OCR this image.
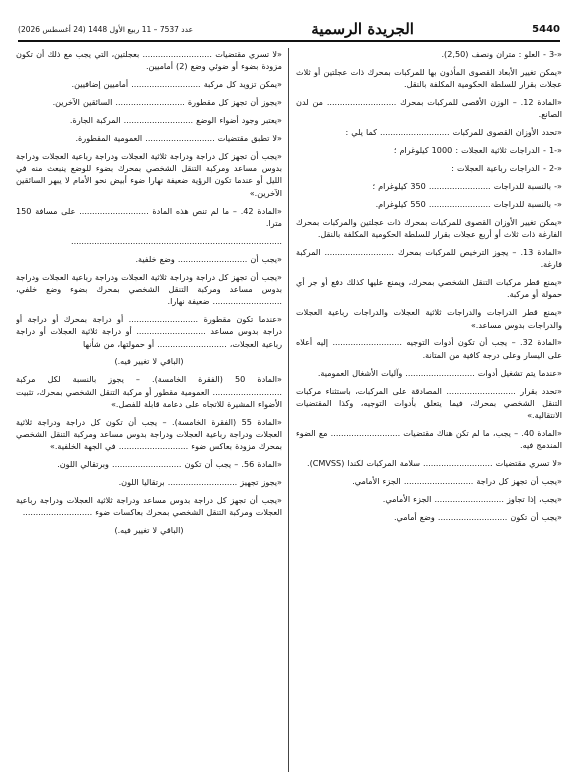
5440
الجريدة الرسمية
عدد 7537 – 11 ربيع الأول 1448 (24 أغسطس 2026)

«-3 - العلو : متران ونصف (2,50).

«يمكن تغيير الأبعاد القصوى المأذون بها للمركبات بمحرك ذات عجلتين أو ثلاث عجلات بقرار للسلطة الحكومية المكلفة بالنقل.

«المادة 12. – الوزن الأقصى للمركبات بمحرك ........................... من لدن الصانع.

«تحدد الأوزان القصوى للمركبات ........................... كما يلي :

«-1 - الدراجات ثلاثية العجلات : 1000 كيلوغرام ؛

«-2 - الدراجات رباعية العجلات :

«- بالنسبة للدراجات ........................ 350 كيلوغرام ؛

«- بالنسبة للدراجات ........................ 550 كيلوغرام.

«يمكن تغيير الأوزان القصوى للمركبات بمحرك ذات عجلتين والمركبات بمحرك الفارغة ذات ثلاث أو أربع عجلات بقرار للسلطة الحكومية المكلفة بالنقل.

«المادة 13. – يجوز الترخيص للمركبات بمحرك ........................... المركبة فارغة.

«يمنع قطر مركبات التنقل الشخصي بمحرك، ويمنع عليها كذلك دفع أو جر أي حمولة أو مركبة.

«يمنع قطر الدراجات والدراجات ثلاثية العجلات والدراجات رباعية العجلات والدراجات بدوس مساعد.»

«المادة 32. – يجب أن تكون أدوات التوجيه ........................... إليه أعلاه على اليسار وعلى درجة كافية من المتانة.

«عندما يتم تشغيل أدوات ........................... وآليات الأشغال العمومية.

«تحدد بقرار ........................... المصادقة على المركبات، باستثناء مركبات التنقل الشخصي بمحرك، فيما يتعلق بأدوات التوجيه، وكذا المقتضيات الانتقالية.»

«المادة 40. – يجب، ما لم تكن هناك مقتضيات ........................... مع الضوء المندمج فيه.

«لا تسري مقتضيات ........................... سلامة المركبات لكندا (CMVSS).

«يجب أن تجهز كل دراجة ........................... الجزء الأمامي.

«يجب، إذا تجاوز ........................... الجزء الأمامي.

«يجب أن تكون ........................... وضع أمامي.

«لا تسري مقتضيات ........................... بعجلتين، التي يجب مع ذلك أن تكون مزودة بضوء أو ضوئي وضع (2) أماميين.

«يمكن تزويد كل مركبة ........................... أماميين إضافيين.

«يجوز أن تجهز كل مقطورة ........................... السائقين الآخرين.

«يعتبر وجود أضواء الوضع ........................... المركبة الجارة.

«لا تطبق مقتضيات ........................... العمومية المقطورة.

«يجب أن تجهز كل دراجة ودراجة ثلاثية العجلات ودراجة رباعية العجلات ودراجة بدوس مساعد ومركبة التنقل الشخصي بمحرك بضوء للوضع ينبعث منه في الليل أو عندما تكون الرؤية ضعيفة نهارا ضوء أبيض نحو الأمام لا يبهر السائقين الآخرين.»

«المادة 42. – ما لم تنص هذه المادة ........................... على مسافة 150 مترا.

..................................................................................

«يجب أن ........................... وضع خلفية.

«يجب أن تجهز كل دراجة ودراجة ثلاثية العجلات ودراجة رباعية العجلات ودراجة بدوس مساعد ومركبة التنقل الشخصي بمحرك بضوء وضع خلفي، ........................... ضعيفة نهارا.

«عندما تكون مقطورة ........................... أو دراجة بمحرك أو دراجة أو دراجة بدوس مساعد ........................... أو دراجة ثلاثية العجلات أو دراجة رباعية العجلات، ........................... أو حمولتها، من شأنها

(الباقي لا تغيير فيه.)

«المادة 50 (الفقرة الخامسة). – يجوز بالنسبة لكل مركبة ........................... العمومية مقطور أو مركبة التنقل الشخصي بمحرك، تثبيت الأضواء المشيرة للاتجاه على دعامة قابلة للفصل.»

«المادة 55 (الفقرة الخامسة). – يجب أن تكون كل دراجة ودراجة ثلاثية العجلات ودراجة رباعية العجلات ودراجة بدوس مساعد ومركبة التنقل الشخصي بمحرك مزودة بعاكس ضوء ........................... في الجهة الخلفية.»

«المادة 56. – يجب أن تكون ........................... وبرتقالي اللون.

«يجوز تجهيز ........................... برتقاليا اللون.

«يجب أن تجهز كل دراجة بدوس مساعد ودراجة ثلاثية العجلات ودراجة رباعية العجلات ومركبة التنقل الشخصي بمحرك بعاكسات ضوء ...........................

(الباقي لا تغيير فيه.)
